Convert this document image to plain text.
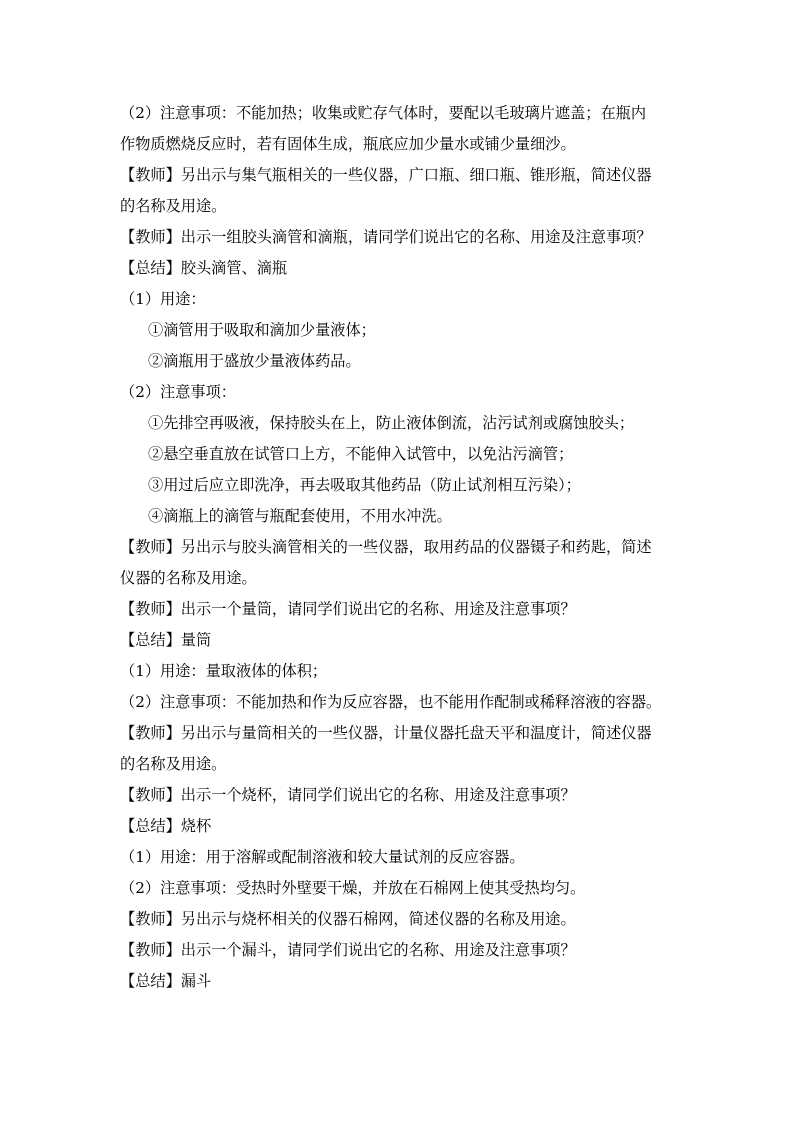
（2）注意事项：不能加热；收集或贮存气体时，要配以毛玻璃片遮盖；在瓶内
作物质燃烧反应时，若有固体生成，瓶底应加少量水或铺少量细沙。
【教师】另出示与集气瓶相关的一些仪器，广口瓶、细口瓶、锥形瓶，简述仪器
的名称及用途。
【教师】出示一组胶头滴管和滴瓶，请同学们说出它的名称、用途及注意事项？
【总结】胶头滴管、滴瓶
（1）用途：
①滴管用于吸取和滴加少量液体；
②滴瓶用于盛放少量液体药品。
（2）注意事项：
①先排空再吸液，保持胶头在上，防止液体倒流，沾污试剂或腐蚀胶头；
②悬空垂直放在试管口上方，不能伸入试管中，以免沾污滴管；
③用过后应立即洗净，再去吸取其他药品（防止试剂相互污染）；
④滴瓶上的滴管与瓶配套使用，不用水冲洗。
【教师】另出示与胶头滴管相关的一些仪器，取用药品的仪器镊子和药匙，简述
仪器的名称及用途。
【教师】出示一个量筒，请同学们说出它的名称、用途及注意事项？
【总结】量筒
（1）用途：量取液体的体积；
（2）注意事项：不能加热和作为反应容器，也不能用作配制或稀释溶液的容器。
【教师】另出示与量筒相关的一些仪器，计量仪器托盘天平和温度计，简述仪器
的名称及用途。
【教师】出示一个烧杯，请同学们说出它的名称、用途及注意事项？
【总结】烧杯
（1）用途：用于溶解或配制溶液和较大量试剂的反应容器。
（2）注意事项：受热时外壁要干燥，并放在石棉网上使其受热均匀。
【教师】另出示与烧杯相关的仪器石棉网，简述仪器的名称及用途。
【教师】出示一个漏斗，请同学们说出它的名称、用途及注意事项？
【总结】漏斗
